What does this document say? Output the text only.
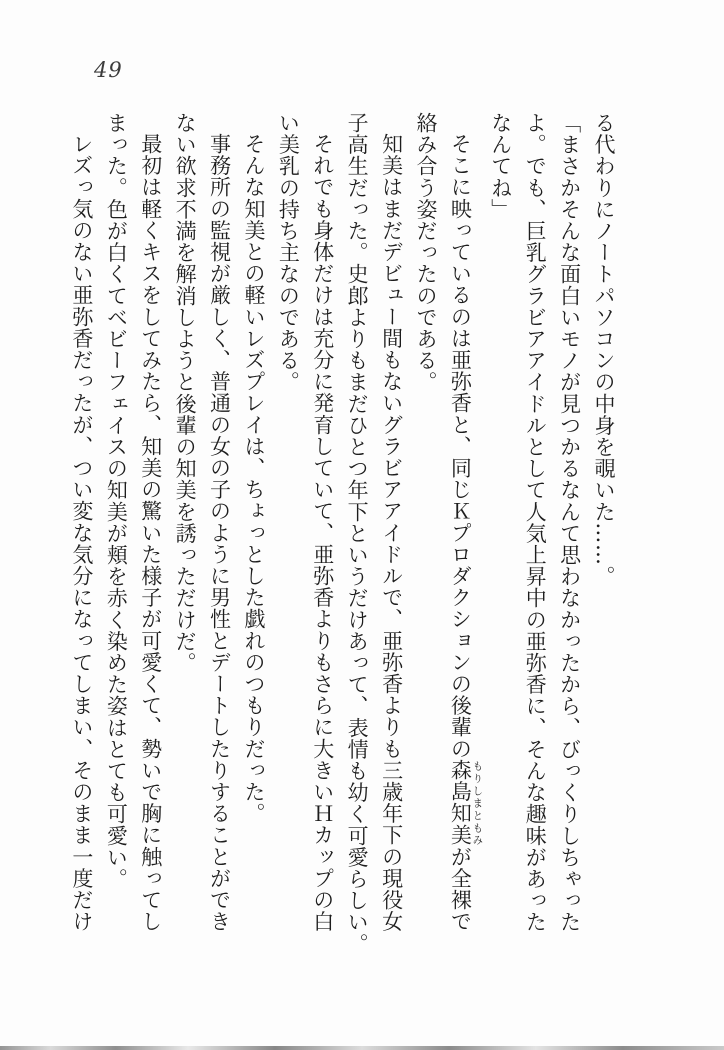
49
る代わりにノートパソコンの中身を覗いた……。
「まさかそんな面白いモノが見つかるなんて思わなかったから、びっくりしちゃった
よ。でも、巨乳グラビアアイドルとして人気上昇中の亜弥香に、そんな趣味があった
なんてね」
そこに映っているのは亜弥香と、同じＫプロダクションの後輩の森島知美 もりしまともみが全裸で
絡み合う姿だったのである。
知美はまだデビュー間もないグラビアアイドルで、亜弥香よりも三歳年下の現役女
子高生だった。史郎よりもまだひとつ年下というだけあって、表情も幼く可愛らしい。
それでも身体だけは充分に発育していて、亜弥香よりもさらに大きいＨカップの白
い美乳の持ち主なのである。
そんな知美との軽いレズプレイは、ちょっとした戯れのつもりだった。
事務所の監視が厳しく、普通の女の子のように男性とデートしたりすることができ
ない欲求不満を解消しようと後輩の知美を誘っただけだ。
最初は軽くキスをしてみたら、知美の驚いた様子が可愛くて、勢いで胸に触ってし
まった。色が白くてベビーフェイスの知美が頬を赤く染めた姿はとても可愛い。
レズっ気のない亜弥香だったが、つい変な気分になってしまい、そのまま一度だけ
